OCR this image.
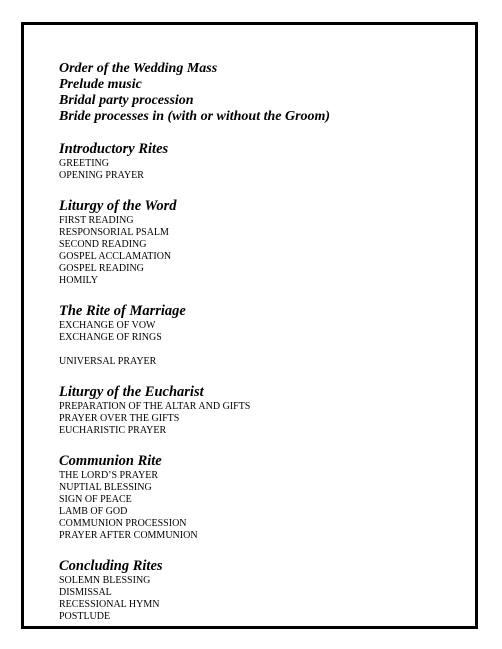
Order of the Wedding Mass

Prelude music

Bridal party procession

Bride processes in (with or without the Groom)

Introductory Rites

GREETING

OPENING PRAYER

Liturgy of the Word

FIRST READING

RESPONSORIAL PSALM

SECOND READING

GOSPEL ACCLAMATION

GOSPEL READING

HOMILY

The Rite of Marriage

EXCHANGE OF VOW

EXCHANGE OF RINGS

UNIVERSAL PRAYER

Liturgy of the Eucharist

PREPARATION OF THE ALTAR AND GIFTS

PRAYER OVER THE GIFTS

EUCHARISTIC PRAYER

Communion Rite

THE LORD’S PRAYER

NUPTIAL BLESSING

SIGN OF PEACE

LAMB OF GOD

COMMUNION PROCESSION

PRAYER AFTER COMMUNION

Concluding Rites

SOLEMN BLESSING

DISMISSAL

RECESSIONAL HYMN

POSTLUDE
